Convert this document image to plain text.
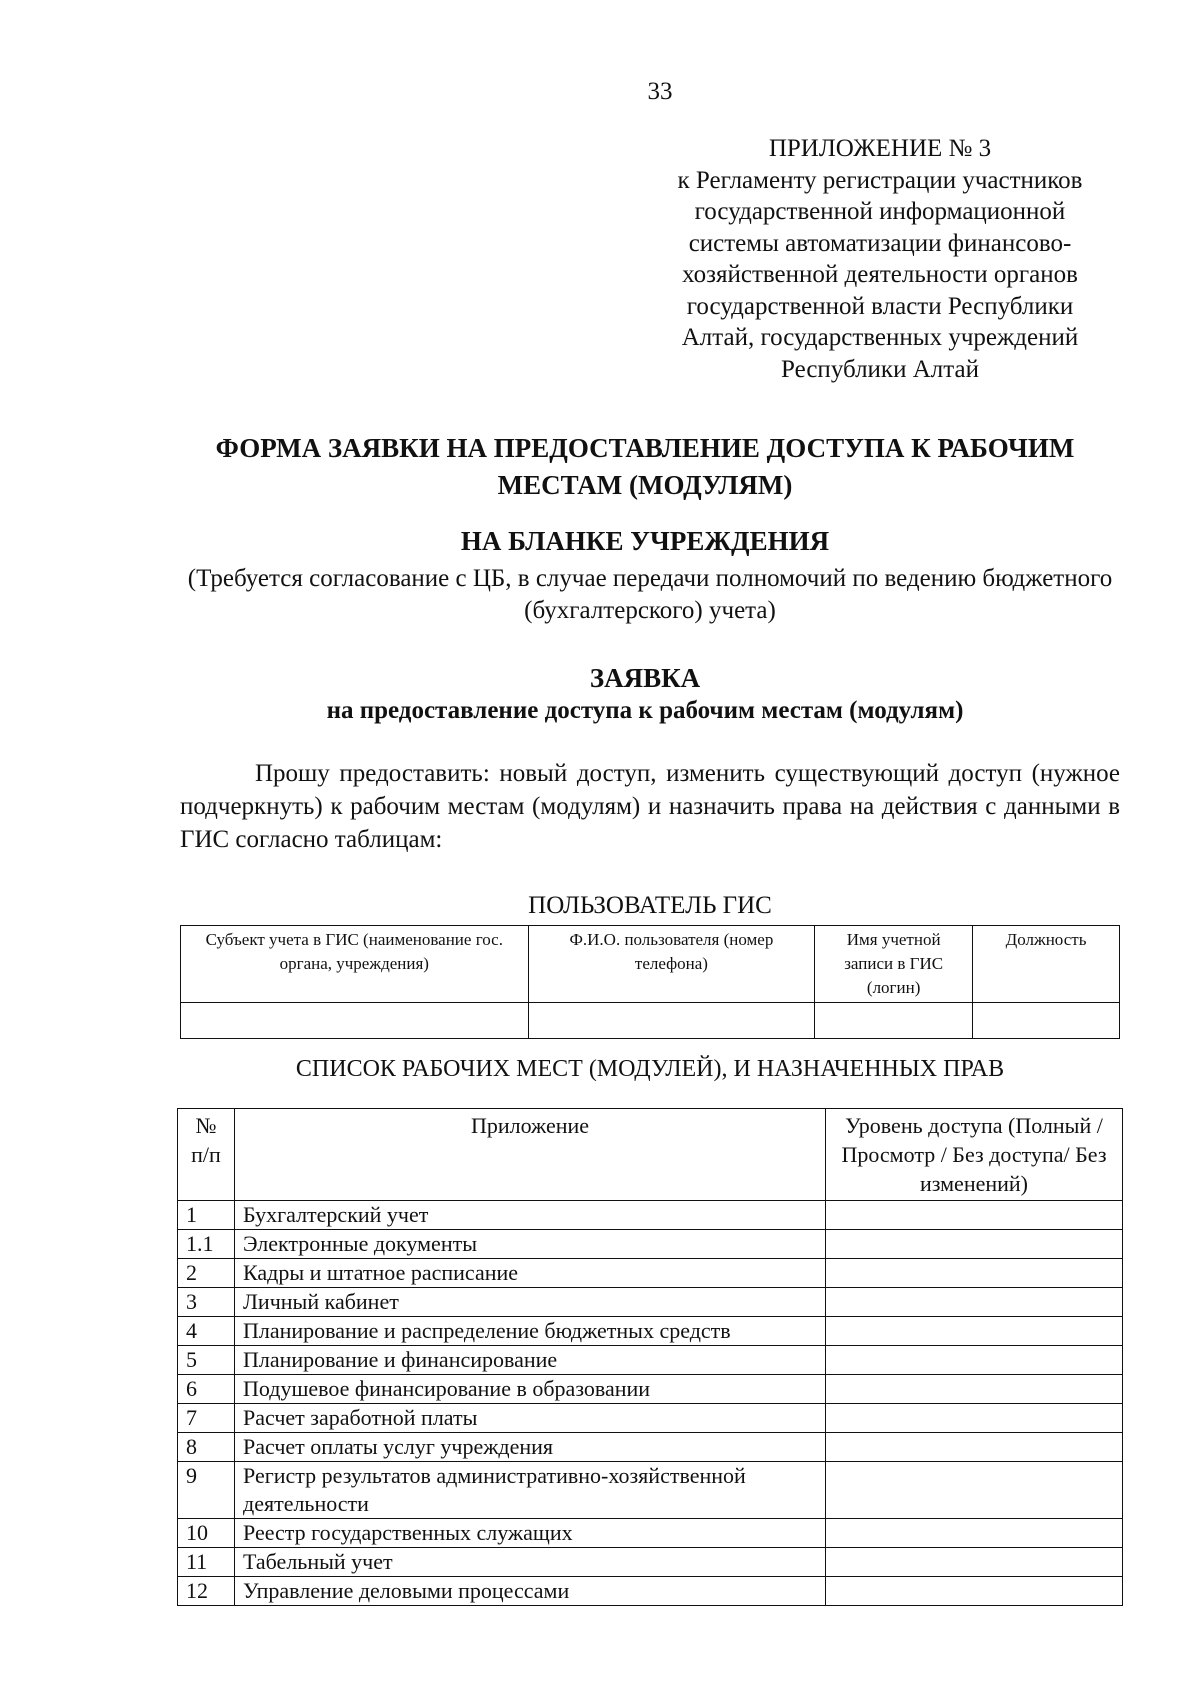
33
ПРИЛОЖЕНИЕ № 3
к Регламенту регистрации участников
государственной информационной
системы автоматизации финансово-
хозяйственной деятельности органов
государственной власти Республики
Алтай, государственных учреждений
Республики Алтай
ФОРМА ЗАЯВКИ НА ПРЕДОСТАВЛЕНИЕ ДОСТУПА К РАБОЧИМ МЕСТАМ (МОДУЛЯМ)
НА БЛАНКЕ УЧРЕЖДЕНИЯ
(Требуется согласование с ЦБ, в случае передачи полномочий по ведению бюджетного (бухгалтерского) учета)
ЗАЯВКА
на предоставление доступа к рабочим местам (модулям)
Прошу предоставить: новый доступ, изменить существующий доступ (нужное подчеркнуть) к рабочим местам (модулям) и назначить права на действия с данными в ГИС согласно таблицам:
ПОЛЬЗОВАТЕЛЬ ГИС
Субъект учета в ГИС (наименование гос. органа, учреждения)	Ф.И.О. пользователя (номер телефона)	Имя учетной записи в ГИС (логин)	Должность

СПИСОК РАБОЧИХ МЕСТ (МОДУЛЕЙ), И НАЗНАЧЕННЫХ ПРАВ
№ п/п	Приложение	Уровень доступа (Полный / Просмотр / Без доступа/ Без изменений)
1	Бухгалтерский учет	
1.1	Электронные документы	
2	Кадры и штатное расписание	
3	Личный кабинет	
4	Планирование и распределение бюджетных средств	
5	Планирование и финансирование	
6	Подушевое финансирование в образовании	
7	Расчет заработной платы	
8	Расчет оплаты услуг учреждения	
9	Регистр результатов административно-хозяйственной деятельности	
10	Реестр государственных служащих	
11	Табельный учет	
12	Управление деловыми процессами	
